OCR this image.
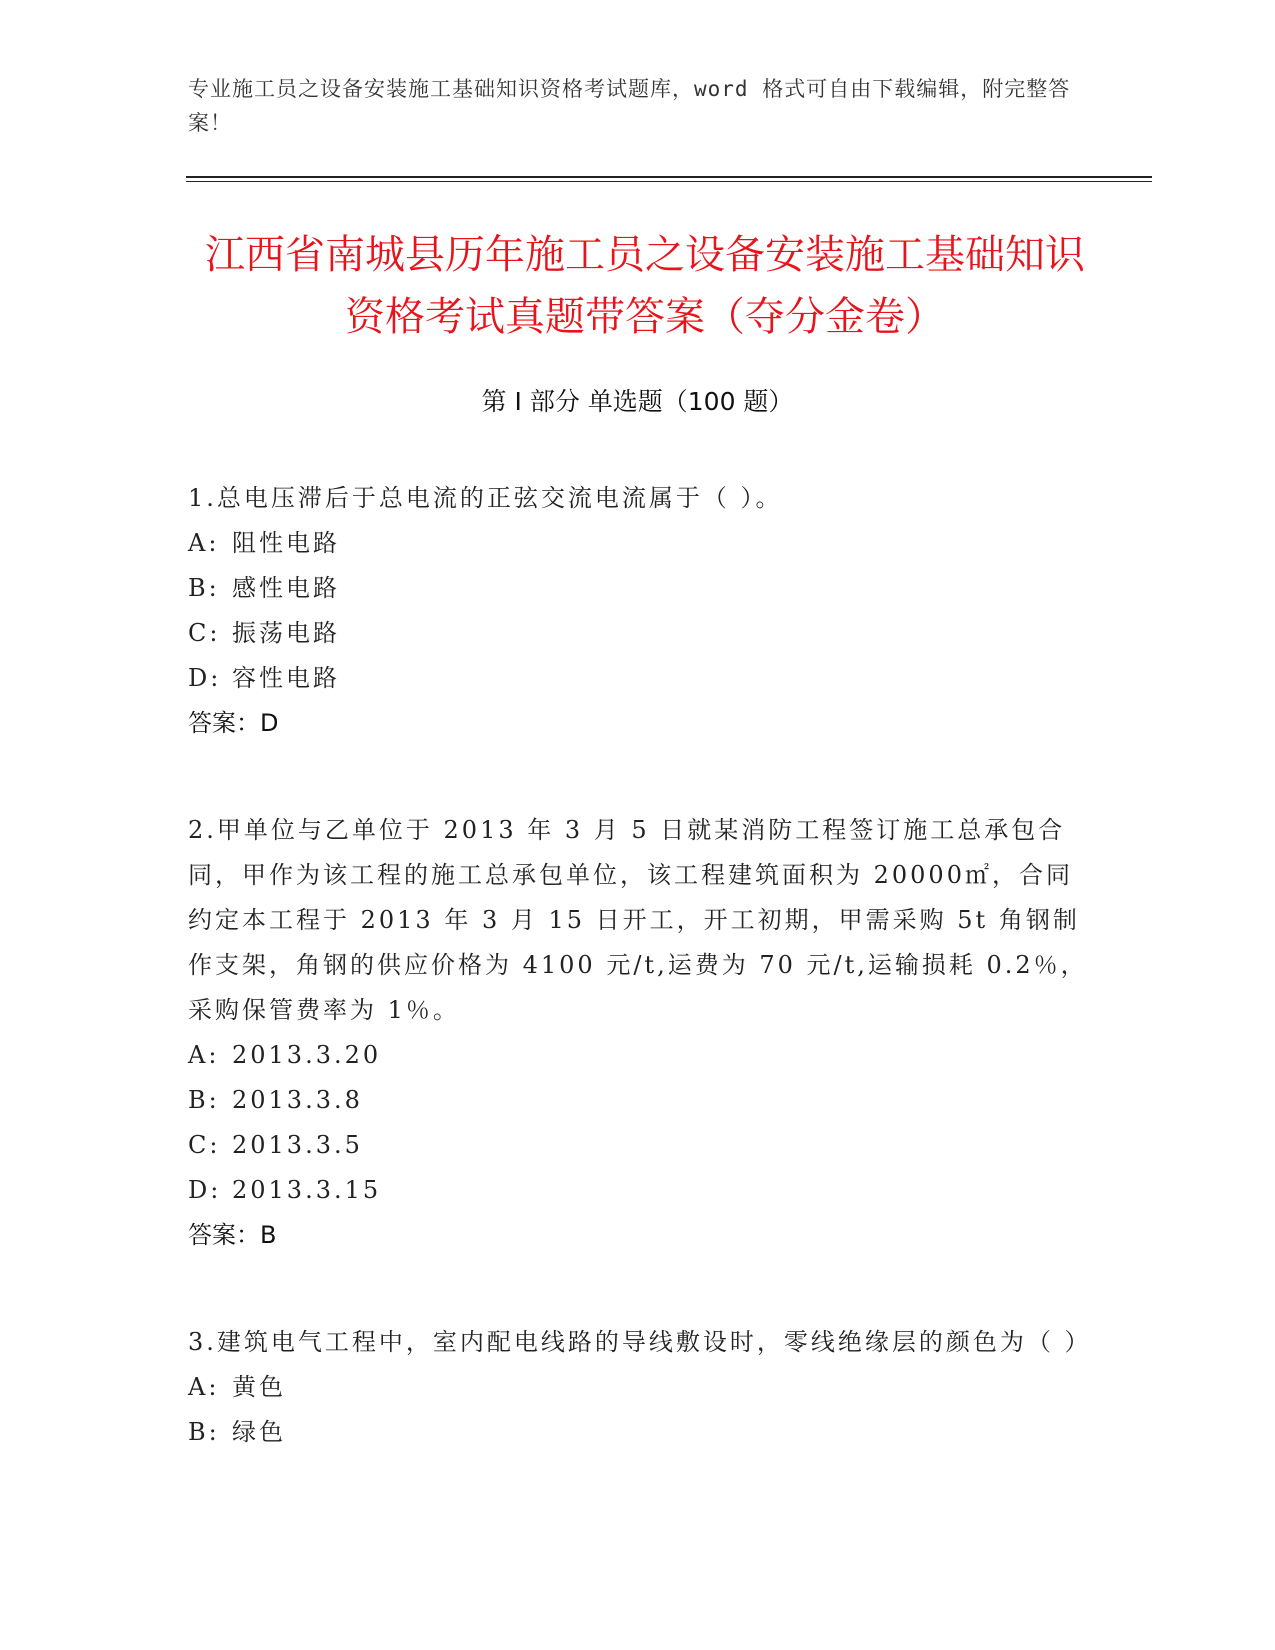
专业施工员之设备安装施工基础知识资格考试题库，word 格式可自由下载编辑，附完整答案！
江西省南城县历年施工员之设备安装施工基础知识资格考试真题带答案（夺分金卷）
第 I 部分 单选题（100 题）
1.总电压滞后于总电流的正弦交流电流属于（ ）。
A: 阻性电路
B: 感性电路
C: 振荡电路
D: 容性电路
答案：D
2.甲单位与乙单位于 2013 年 3 月 5 日就某消防工程签订施工总承包合同，甲作为该工程的施工总承包单位，该工程建筑面积为 20000㎡，合同约定本工程于 2013 年 3 月 15 日开工，开工初期，甲需采购 5t 角钢制作支架，角钢的供应价格为 4100 元/t,运费为 70 元/t,运输损耗 0.2％，采购保管费率为 1％。
A: 2013.3.20
B: 2013.3.8
C: 2013.3.5
D: 2013.3.15
答案：B
3.建筑电气工程中，室内配电线路的导线敷设时，零线绝缘层的颜色为（ ）
A: 黄色
B: 绿色
